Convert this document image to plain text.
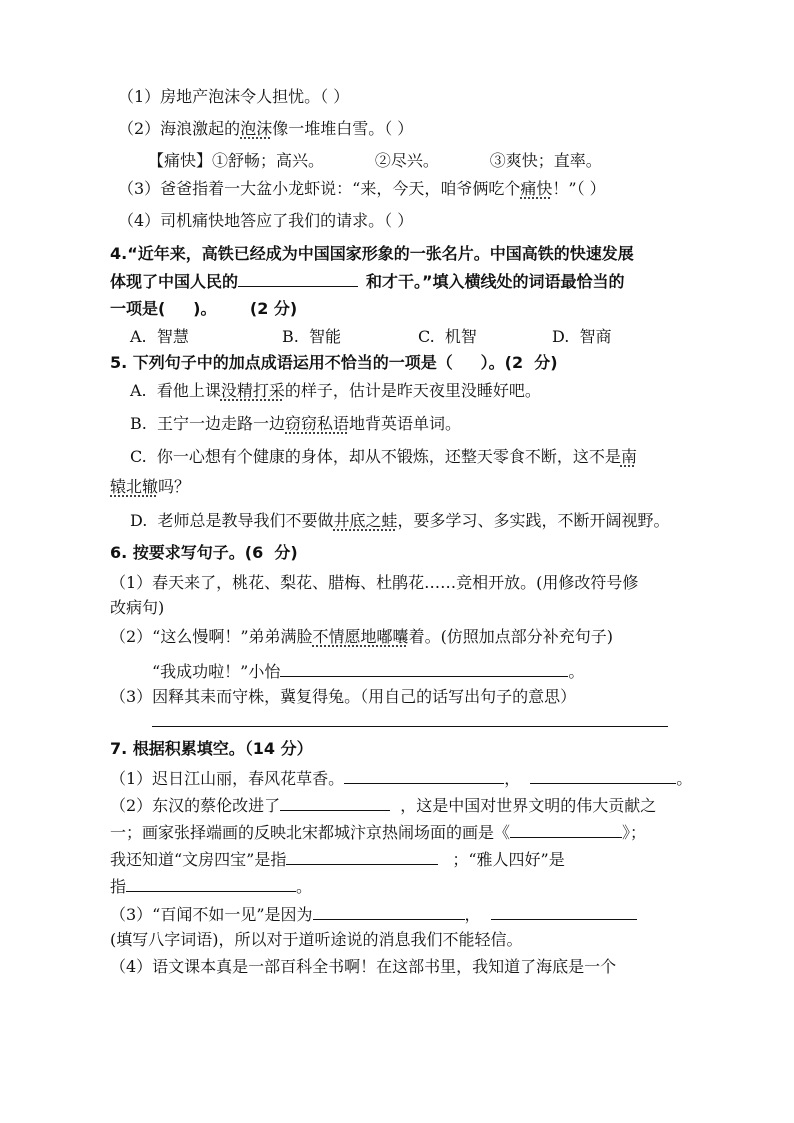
（1）房地产泡沫令人担忧。（ ）
（2）海浪激起的泡沫像一堆堆白雪。（ ）
【痛快】①舒畅；高兴。          ②尽兴。          ③爽快；直率。
（3）爸爸指着一大盆小龙虾说：“来，今天，咱爷俩吃个痛快！”（ ）
（4）司机痛快地答应了我们的请求。（ ）
4.“近年来，高铁已经成为中国国家形象的一张名片。中国高铁的快速发展
体现了中国人民的	和才干。”填入横线处的词语最恰当的
一项是(     )。      (2 分)
A.  智慧	B.  智能	C.  机智	D.  智商
5. 下列句子中的加点成语运用不恰当的一项是（     ）。(2  分)
A.  看他上课没精打采的样子，估计是昨天夜里没睡好吧。
B.  王宁一边走路一边窃窃私语地背英语单词。
C.  你一心想有个健康的身体，却从不锻炼，还整天零食不断，这不是南
辕北辙吗？
D.  老师总是教导我们不要做井底之蛙，要多学习、多实践，不断开阔视野。
6. 按要求写句子。(6  分)
（1）春天来了，桃花、梨花、腊梅、杜鹃花……竞相开放。(用修改符号修
改病句)
（2）“这么慢啊！”弟弟满脸不情愿地嘟囔着。(仿照加点部分补充句子)
“我成功啦！”小怡	。
（3）因释其耒而守株，冀复得兔。（用自己的话写出句子的意思）
7. 根据积累填空。（14 分）
（1）迟日江山丽，春风花草香。	，	。
（2）东汉的蔡伦改进了	，这是中国对世界文明的伟大贡献之
一；画家张择端画的反映北宋都城汴京热闹场面的画是《	》；
我还知道“文房四宝”是指	；“雅人四好”是
指	。
（3）“百闻不如一见”是因为	，
(填写八字词语)，所以对于道听途说的消息我们不能轻信。
（4）语文课本真是一部百科全书啊！在这部书里，我知道了海底是一个
